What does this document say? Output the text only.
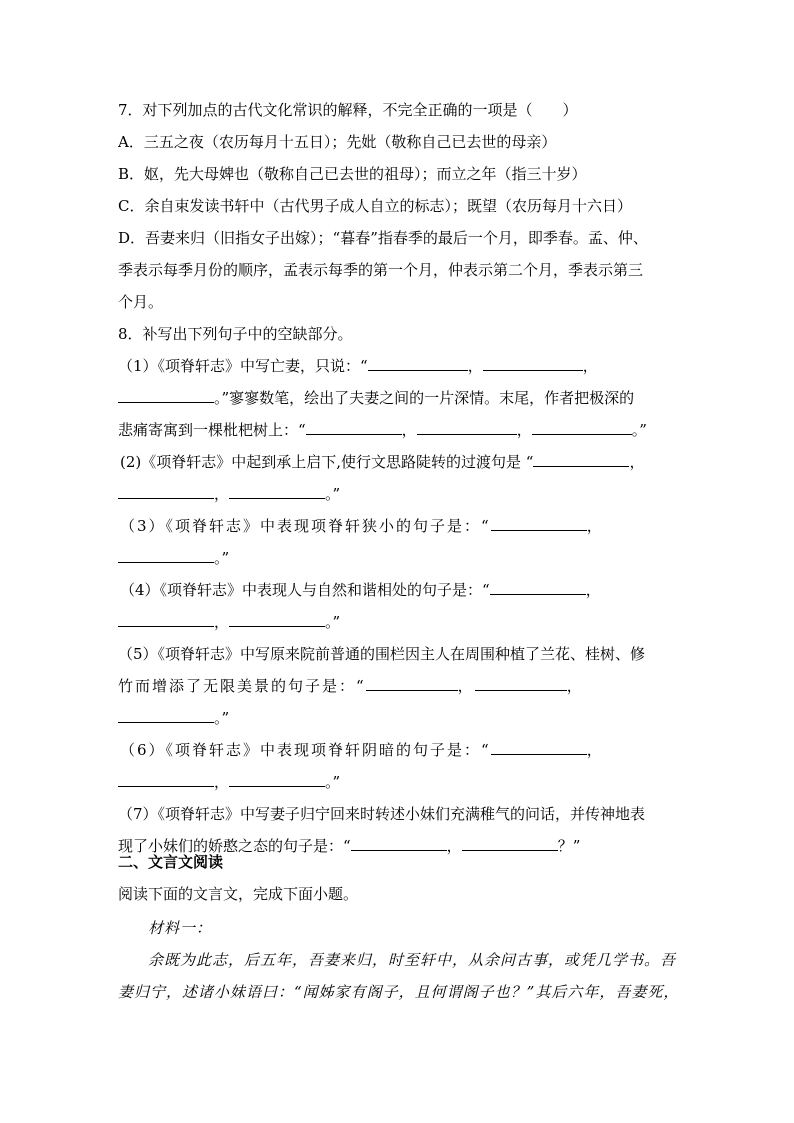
7．对下列加点的古代文化常识的解释，不完全正确的一项是（　　）
A．三五之夜（农历每月十五日）；先妣（敬称自己已去世的母亲）
B．妪，先大母婢也（敬称自己已去世的祖母）；而立之年（指三十岁）
C．余自束发读书轩中（古代男子成人自立的标志）；既望（农历每月十六日）
D．吾妻来归（旧指女子出嫁）；“暮春”指春季的最后一个月，即季春。孟、仲、
季表示每季月份的顺序，孟表示每季的第一个月，仲表示第二个月，季表示第三
个月。
8．补写出下列句子中的空缺部分。
（1）《项脊轩志》中写亡妻，只说：“	，	，
。”寥寥数笔，绘出了夫妻之间的一片深情。末尾，作者把极深的
悲痛寄寓到一棵枇杷树上：“	，	，	。”
(2)《项脊轩志》中起到承上启下,使行文思路陡转的过渡句是 “	，
，	。”
（3）《项脊轩志》中表现项脊轩狭小的句子是：“	，
。”
（4）《项脊轩志》中表现人与自然和谐相处的句子是：“	，
，	。”
（5）《项脊轩志》中写原来院前普通的围栏因主人在周围种植了兰花、桂树、修
竹而增添了无限美景的句子是：“	，	，
。”
（6）《项脊轩志》中表现项脊轩阴暗的句子是：“	，
，	。”
（7）《项脊轩志》中写妻子归宁回来时转述小妹们充满稚气的问话，并传神地表
现了小妹们的娇憨之态的句子是：“	，	？”
二、文言文阅读
阅读下面的文言文，完成下面小题。
材料一：
余既为此志，后五年，吾妻来归，时至轩中，从余问古事，或凭几学书。吾
妻归宁，述诸小妹语曰：“闻姊家有阁子，且何谓阁子也？”其后六年，吾妻死，
